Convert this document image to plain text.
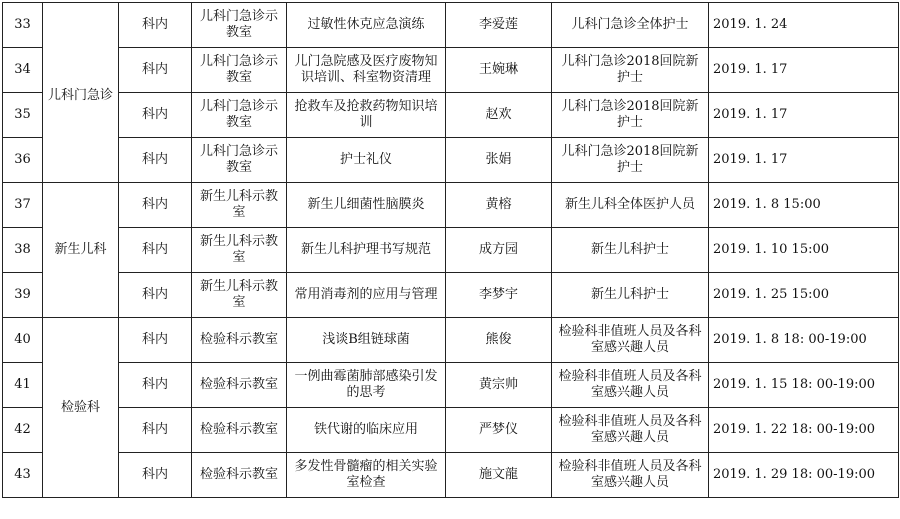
33	儿科门急诊	科内	儿科门急诊示教室	过敏性休克应急演练	李爱莲	儿科门急诊全体护士	2019. 1. 24
34		科内	儿科门急诊示教室	儿门急院感及医疗废物知识培训、科室物资清理	王婉琳	儿科门急诊2018回院新护士	2019. 1. 17
35		科内	儿科门急诊示教室	抢救车及抢救药物知识培训	赵欢	儿科门急诊2018回院新护士	2019. 1. 17
36		科内	儿科门急诊示教室	护士礼仪	张娟	儿科门急诊2018回院新护士	2019. 1. 17
37	新生儿科	科内	新生儿科示教室	新生儿细菌性脑膜炎	黄榕	新生儿科全体医护人员	2019. 1. 8 15:00
38		科内	新生儿科示教室	新生儿科护理书写规范	成方园	新生儿科护士	2019. 1. 10 15:00
39		科内	新生儿科示教室	常用消毒剂的应用与管理	李梦宇	新生儿科护士	2019. 1. 25 15:00
40	检验科	科内	检验科示教室	浅谈B组链球菌	熊俊	检验科非值班人员及各科室感兴趣人员	2019. 1. 8 18: 00-19:00
41		科内	检验科示教室	一例曲霉菌肺部感染引发的思考	黄宗帅	检验科非值班人员及各科室感兴趣人员	2019. 1. 15 18: 00-19:00
42		科内	检验科示教室	铁代谢的临床应用	严梦仪	检验科非值班人员及各科室感兴趣人员	2019. 1. 22 18: 00-19:00
43		科内	检验科示教室	多发性骨髓瘤的相关实验室检查	施文龍	检验科非值班人员及各科室感兴趣人员	2019. 1. 29 18: 00-19:00
